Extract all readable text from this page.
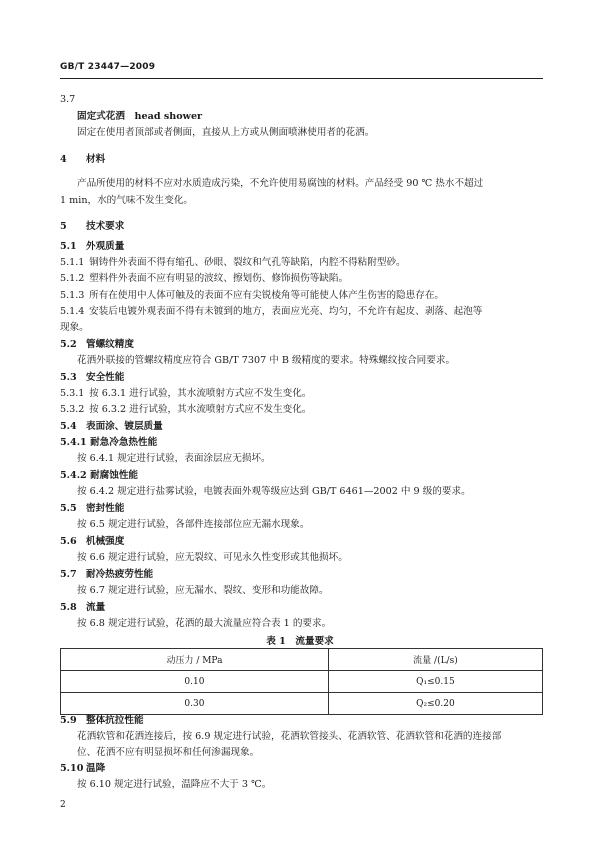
GB/T 23447—2009
3.7
固定式花洒　head shower
固定在使用者顶部或者侧面，直接从上方或从侧面喷淋使用者的花洒。
4 材料
产品所使用的材料不应对水质造成污染，不允许使用易腐蚀的材料。产品经受 90 ℃ 热水不超过
1 min，水的气味不发生变化。
5 技术要求
5.1 外观质量
5.1.1 铜铸件外表面不得有缩孔、砂眼、裂纹和气孔等缺陷，内腔不得粘附型砂。
5.1.2 塑料件外表面不应有明显的波纹、擦划伤、修饰损伤等缺陷。
5.1.3 所有在使用中人体可触及的表面不应有尖锐棱角等可能使人体产生伤害的隐患存在。
5.1.4 安装后电镀外观表面不得有未镀到的地方，表面应光亮、均匀，不允许有起皮、剥落、起泡等
现象。
5.2 管螺纹精度
花洒外联接的管螺纹精度应符合 GB/T 7307 中 B 级精度的要求。特殊螺纹按合同要求。
5.3 安全性能
5.3.1 按 6.3.1 进行试验，其水流喷射方式应不发生变化。
5.3.2 按 6.3.2 进行试验，其水流喷射方式应不发生变化。
5.4 表面涂、镀层质量
5.4.1 耐急冷急热性能
按 6.4.1 规定进行试验，表面涂层应无损坏。
5.4.2 耐腐蚀性能
按 6.4.2 规定进行盐雾试验，电镀表面外观等级应达到 GB/T 6461—2002 中 9 级的要求。
5.5 密封性能
按 6.5 规定进行试验，各部件连接部位应无漏水现象。
5.6 机械强度
按 6.6 规定进行试验，应无裂纹、可见永久性变形或其他损坏。
5.7 耐冷热疲劳性能
按 6.7 规定进行试验，应无漏水、裂纹、变形和功能故障。
5.8 流量
按 6.8 规定进行试验，花洒的最大流量应符合表 1 的要求。
表 1　流量要求
动压力 / MPa	流量 /(L/s)
0.10	Q₁≤0.15
0.30	Q₂≤0.20
5.9 整体抗拉性能
花洒软管和花洒连接后，按 6.9 规定进行试验，花洒软管接头、花洒软管、花洒软管和花洒的连接部
位、花洒不应有明显损坏和任何渗漏现象。
5.10 温降
按 6.10 规定进行试验，温降应不大于 3 ℃。
2
